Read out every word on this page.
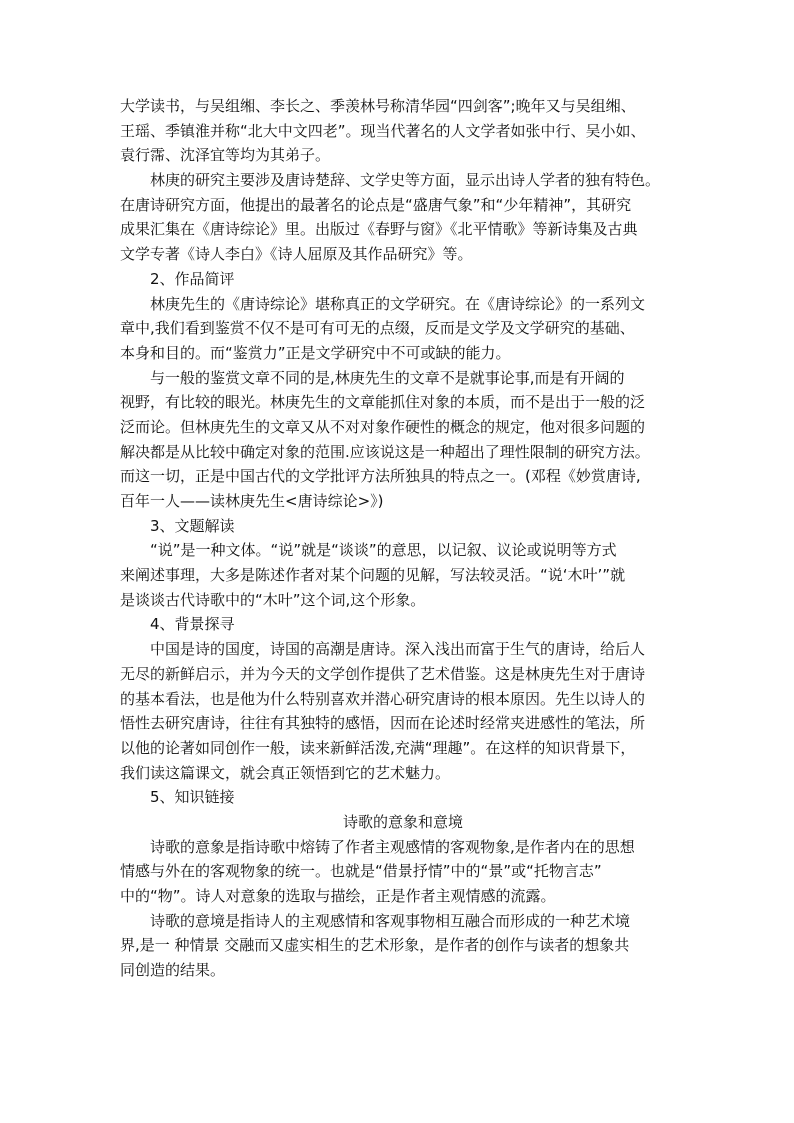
大学读书，与吴组缃、李长之、季羡林号称清华园“四剑客”;晚年又与吴组缃、
王瑶、季镇淮并称“北大中文四老”。现当代著名的人文学者如张中行、吴小如、
袁行霈、沈泽宜等均为其弟子。
林庚的研究主要涉及唐诗楚辞、文学史等方面，显示出诗人学者的独有特色。
在唐诗研究方面，他提出的最著名的论点是“盛唐气象”和“少年精神”，其研究
成果汇集在《唐诗综论》里。出版过《春野与窗》《北平情歌》等新诗集及古典
文学专著《诗人李白》《诗人屈原及其作品研究》等。
2、作品简评
林庚先生的《唐诗综论》堪称真正的文学研究。在《唐诗综论》的一系列文
章中,我们看到鉴赏不仅不是可有可无的点缀，反而是文学及文学研究的基础、
本身和目的。而“鉴赏力”正是文学研究中不可或缺的能力。
与一般的鉴赏文章不同的是,林庚先生的文章不是就事论事,而是有开阔的
视野，有比较的眼光。林庚先生的文章能抓住对象的本质，而不是出于一般的泛
泛而论。但林庚先生的文章又从不对对象作硬性的概念的规定，他对很多问题的
解决都是从比较中确定对象的范围.应该说这是一种超出了理性限制的研究方法。
而这一切，正是中国古代的文学批评方法所独具的特点之一。(邓程《妙赏唐诗,
百年一人——读林庚先生<唐诗综论>》)
3、文题解读
“说”是一种文体。“说”就是“谈谈”的意思，以记叙、议论或说明等方式
来阐述事理，大多是陈述作者对某个问题的见解，写法较灵活。“说‘木叶’”就
是谈谈古代诗歌中的“木叶”这个词,这个形象。
4、背景探寻
中国是诗的国度，诗国的高潮是唐诗。深入浅出而富于生气的唐诗，给后人
无尽的新鲜启示，并为今天的文学创作提供了艺术借鉴。这是林庚先生对于唐诗
的基本看法，也是他为什么特别喜欢并潜心研究唐诗的根本原因。先生以诗人的
悟性去研究唐诗，往往有其独特的感悟，因而在论述时经常夹进感性的笔法，所
以他的论著如同创作一般，读来新鲜活泼,充满“理趣”。在这样的知识背景下，
我们读这篇课文，就会真正领悟到它的艺术魅力。
5、知识链接
诗歌的意象和意境
诗歌的意象是指诗歌中熔铸了作者主观感情的客观物象,是作者内在的思想
情感与外在的客观物象的统一。也就是“借景抒情”中的“景”或“托物言志”
中的“物”。诗人对意象的选取与描绘，正是作者主观情感的流露。
诗歌的意境是指诗人的主观感情和客观事物相互融合而形成的一种艺术境
界,是一 种情景 交融而又虚实相生的艺术形象，是作者的创作与读者的想象共
同创造的结果。
